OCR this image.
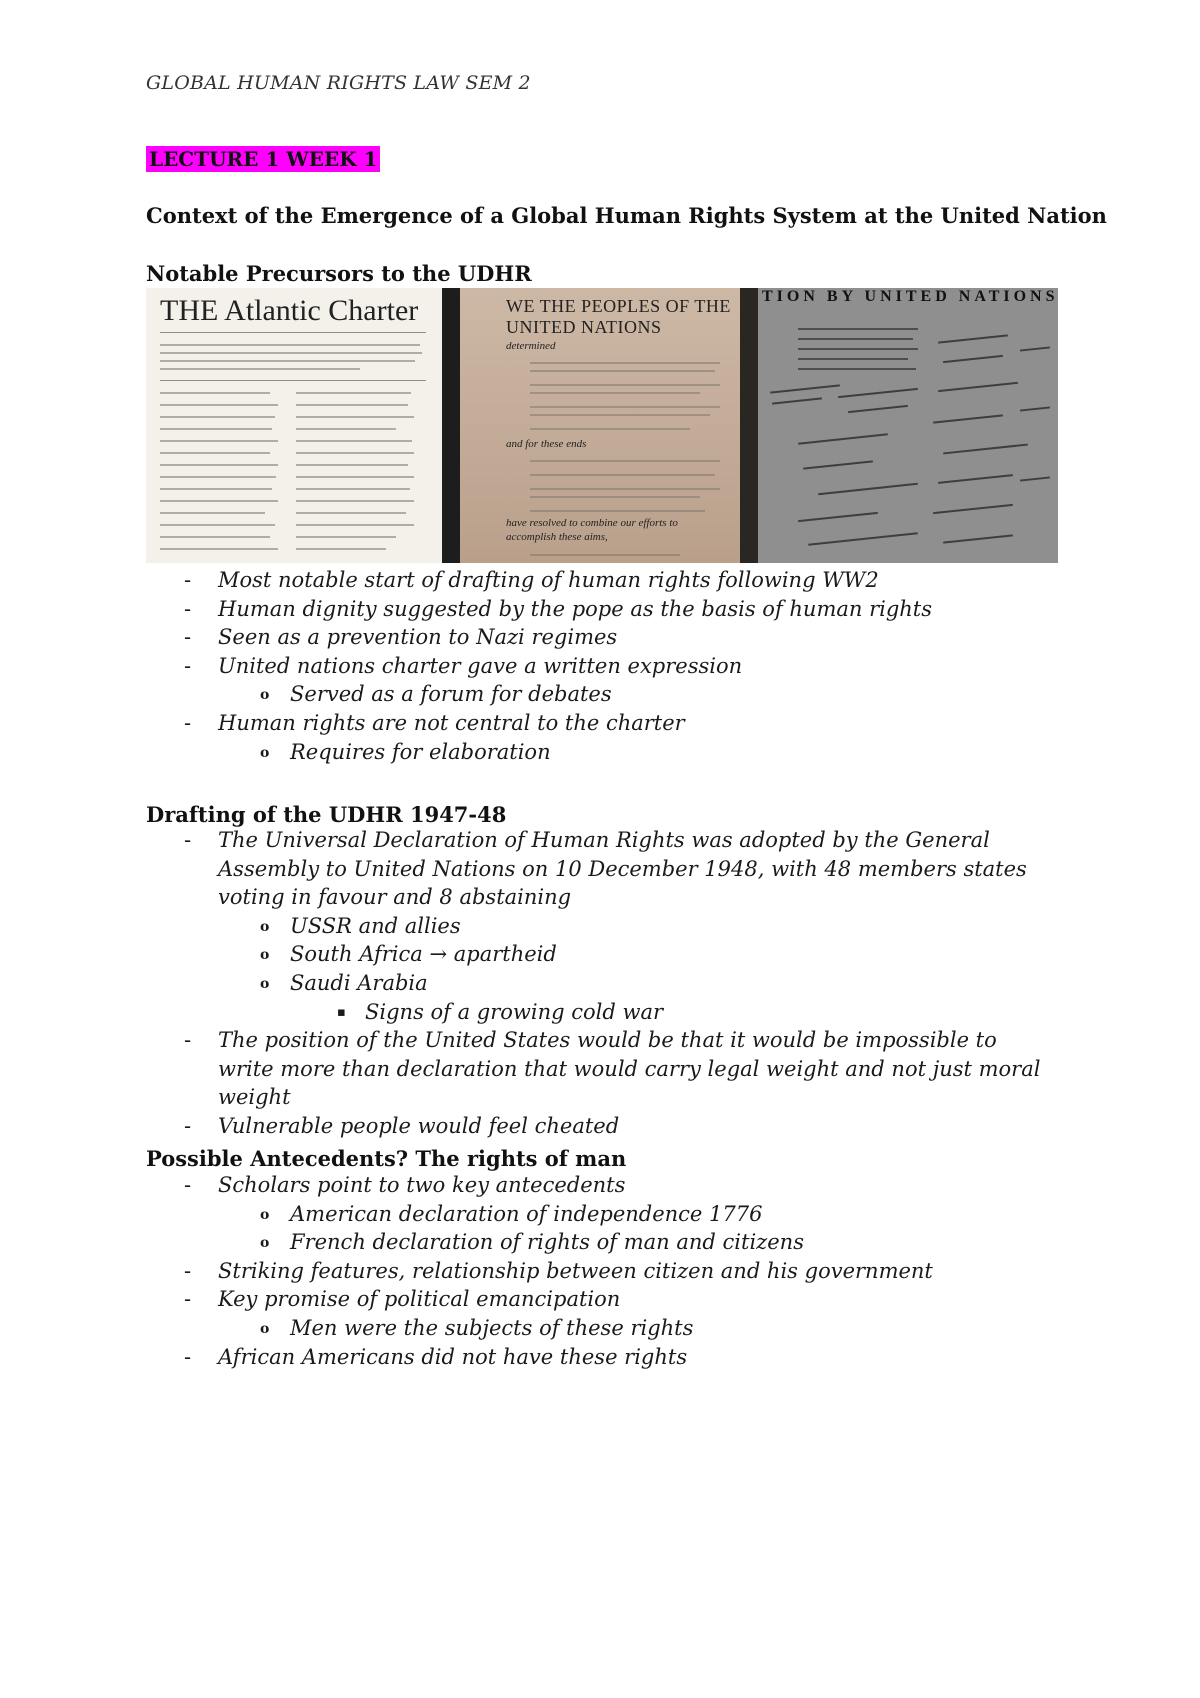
GLOBAL HUMAN RIGHTS LAW SEM 2
LECTURE 1 WEEK 1
Context of the Emergence of a Global Human Rights System at the United Nation
Notable Precursors to the UDHR
THE Atlantic Charter	WE THE PEOPLES OF THE UNITED NATIONS
determined
and for these ends
have resolved to combine our efforts to accomplish these aims,
TION BY UNITED NATIONS
- Most notable start of drafting of human rights following WW2
- Human dignity suggested by the pope as the basis of human rights
- Seen as a prevention to Nazi regimes
- United nations charter gave a written expression
o Served as a forum for debates
- Human rights are not central to the charter
o Requires for elaboration
Drafting of the UDHR 1947-48
- The Universal Declaration of Human Rights was adopted by the General Assembly to United Nations on 10 December 1948, with 48 members states voting in favour and 8 abstaining
o USSR and allies
o South Africa → apartheid
o Saudi Arabia
▪ Signs of a growing cold war
- The position of the United States would be that it would be impossible to write more than declaration that would carry legal weight and not just moral weight
- Vulnerable people would feel cheated
Possible Antecedents? The rights of man
- Scholars point to two key antecedents
o American declaration of independence 1776
o French declaration of rights of man and citizens
- Striking features, relationship between citizen and his government
- Key promise of political emancipation
o Men were the subjects of these rights
- African Americans did not have these rights
